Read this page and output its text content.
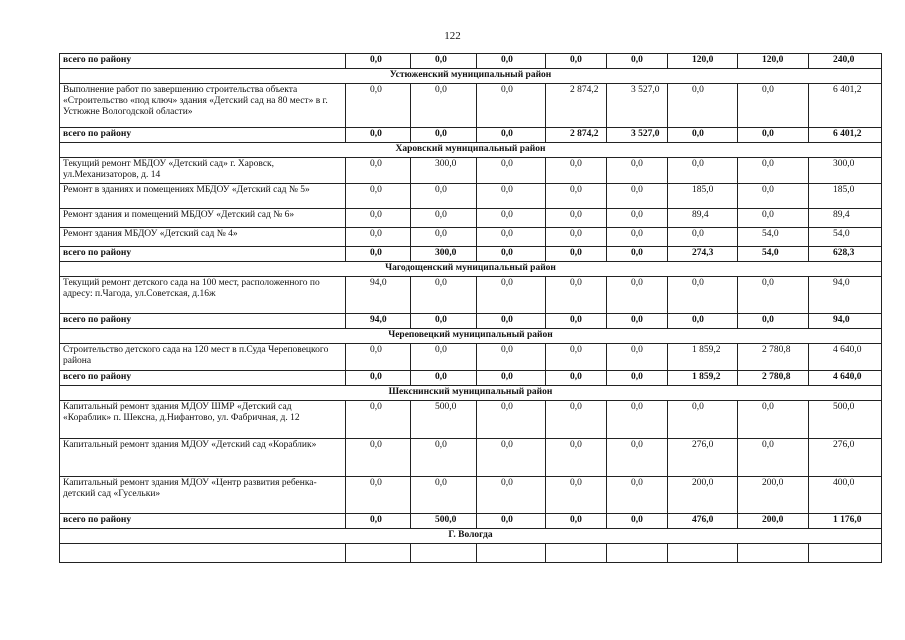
122
всего по району	0,0	0,0	0,0	0,0	0,0	120,0	120,0	240,0
Устюженский муниципальный район								
Выполнение работ по завершению строительства объекта «Строительство «под ключ» здания «Детский сад на 80 мест» в г. Устюжне Вологодской области»	0,0	0,0	0,0	2 874,2	3 527,0	0,0	0,0	6 401,2
всего по району	0,0	0,0	0,0	2 874,2	3 527,0	0,0	0,0	6 401,2
Харовский муниципальный район								
Текущий ремонт МБДОУ «Детский сад» г. Харовск, ул.Механизаторов, д. 14	0,0	300,0	0,0	0,0	0,0	0,0	0,0	300,0
Ремонт в зданиях и помещениях МБДОУ «Детский сад № 5»	0,0	0,0	0,0	0,0	0,0	185,0	0,0	185,0
Ремонт здания и помещений МБДОУ «Детский сад № 6»	0,0	0,0	0,0	0,0	0,0	89,4	0,0	89,4
Ремонт здания МБДОУ «Детский сад № 4»	0,0	0,0	0,0	0,0	0,0	0,0	54,0	54,0
всего по району	0,0	300,0	0,0	0,0	0,0	274,3	54,0	628,3
Чагодощенский муниципальный район								
Текущий ремонт детского сада на 100 мест, расположенного по адресу: п.Чагода, ул.Советская, д.16ж	94,0	0,0	0,0	0,0	0,0	0,0	0,0	94,0
всего по району	94,0	0,0	0,0	0,0	0,0	0,0	0,0	94,0
Череповецкий муниципальный район								
Строительство детского сада на 120 мест в п.Суда Череповецкого района	0,0	0,0	0,0	0,0	0,0	1 859,2	2 780,8	4 640,0
всего по району	0,0	0,0	0,0	0,0	0,0	1 859,2	2 780,8	4 640,0
Шекснинский муниципальный район								
Капитальный ремонт здания МДОУ ШМР «Детский сад «Кораблик» п. Шексна, д.Нифантово, ул. Фабричная, д. 12	0,0	500,0	0,0	0,0	0,0	0,0	0,0	500,0
Капитальный ремонт здания МДОУ «Детский сад «Кораблик»	0,0	0,0	0,0	0,0	0,0	276,0	0,0	276,0
Капитальный ремонт здания МДОУ «Центр развития ребенка-детский сад «Гусельки»	0,0	0,0	0,0	0,0	0,0	200,0	200,0	400,0
всего по району	0,0	500,0	0,0	0,0	0,0	476,0	200,0	1 176,0
Г. Вологда								
